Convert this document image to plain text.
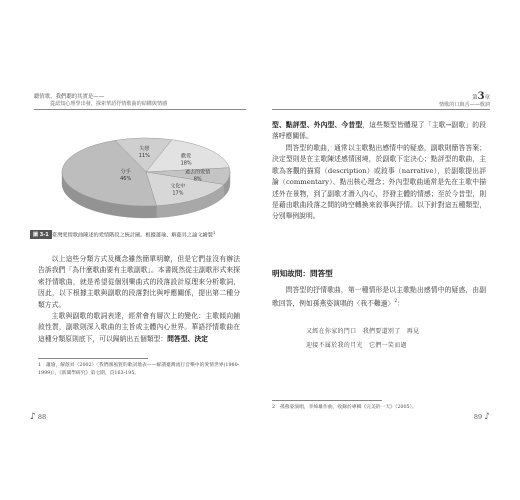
聽情歌，我們聽的其實是——
從認知心理學出發，探索華語抒情歌曲的結構與情感
第3章
情歌的口與舌——歌詞
失戀
11%	歡愛
18%
過去的愛情
8%
文化中
17%
分手
46%
圖 3-1 臺灣愛情歌曲陳述的愛情階段之統計圖。根據蕭瑜、解蔭昇之論文繪製$^1$
以上這些分類方式及概念雖然簡單明瞭，但是它們並沒有辦法告訴我們「為什麼歌曲要有主歌副歌」。本書既然從主副歌形式來探索抒情歌曲，就是希望從個別樂曲式的段落設計原理來分析歌詞，因此，以下根據主歌與副歌的段落對比與呼應關係，提出第二種分類方式。
主歌與副歌的歌詞表達，經常會有層次上的變化：主歌傾向鋪敘性質，副歌則深入歌曲的主旨或主體內心世界。華語抒情歌曲在這種分類原則底下，可以歸納出五個類型：問答型、決定
1　蕭瑜，解蔭昇（2002）〈我們國風賀的歌詞地表——解讀臺灣流行音樂中的愛情世界(1980-1999)〉，《新聞學研究》第七期，頁163-195。
型、點評型、外內型、今昔型，這些類型皆體現了「主歌→副歌」的段落呼應關係。
問答型的歌曲，通常以主歌點出感情中的疑惑，副歌則簡答答案；決定型則是在主歌陳述感情困境，於副歌下定決心；點評型的歌曲，主歌為客觀的描寫（description）或敘事（narrative），於副歌提出評論（commentary）、點出核心理念；外內型歌曲通常是先在主歌中描述外在景物，到了副歌才潛入內心，抒發主體的情感；至於今昔型，則是藉由歌曲段落之間的時空轉換來敘事與抒情。以下針對這五種類型，分別舉例說明。
明知故問：問答型
問答型的抒情歌曲，第一種情形是以主歌點出感情中的疑惑，由副歌回答，例如孫燕姿演唱的〈我不難過〉$^2$：
又經在你家的門口　我們要道別了　再見
迎接不属於我的月光　它們一笑而過
2　孫燕姿演唱，李焯雄作曲，收錄於專輯《完美的一天》（2005）。
♪ 88	89 ♪
